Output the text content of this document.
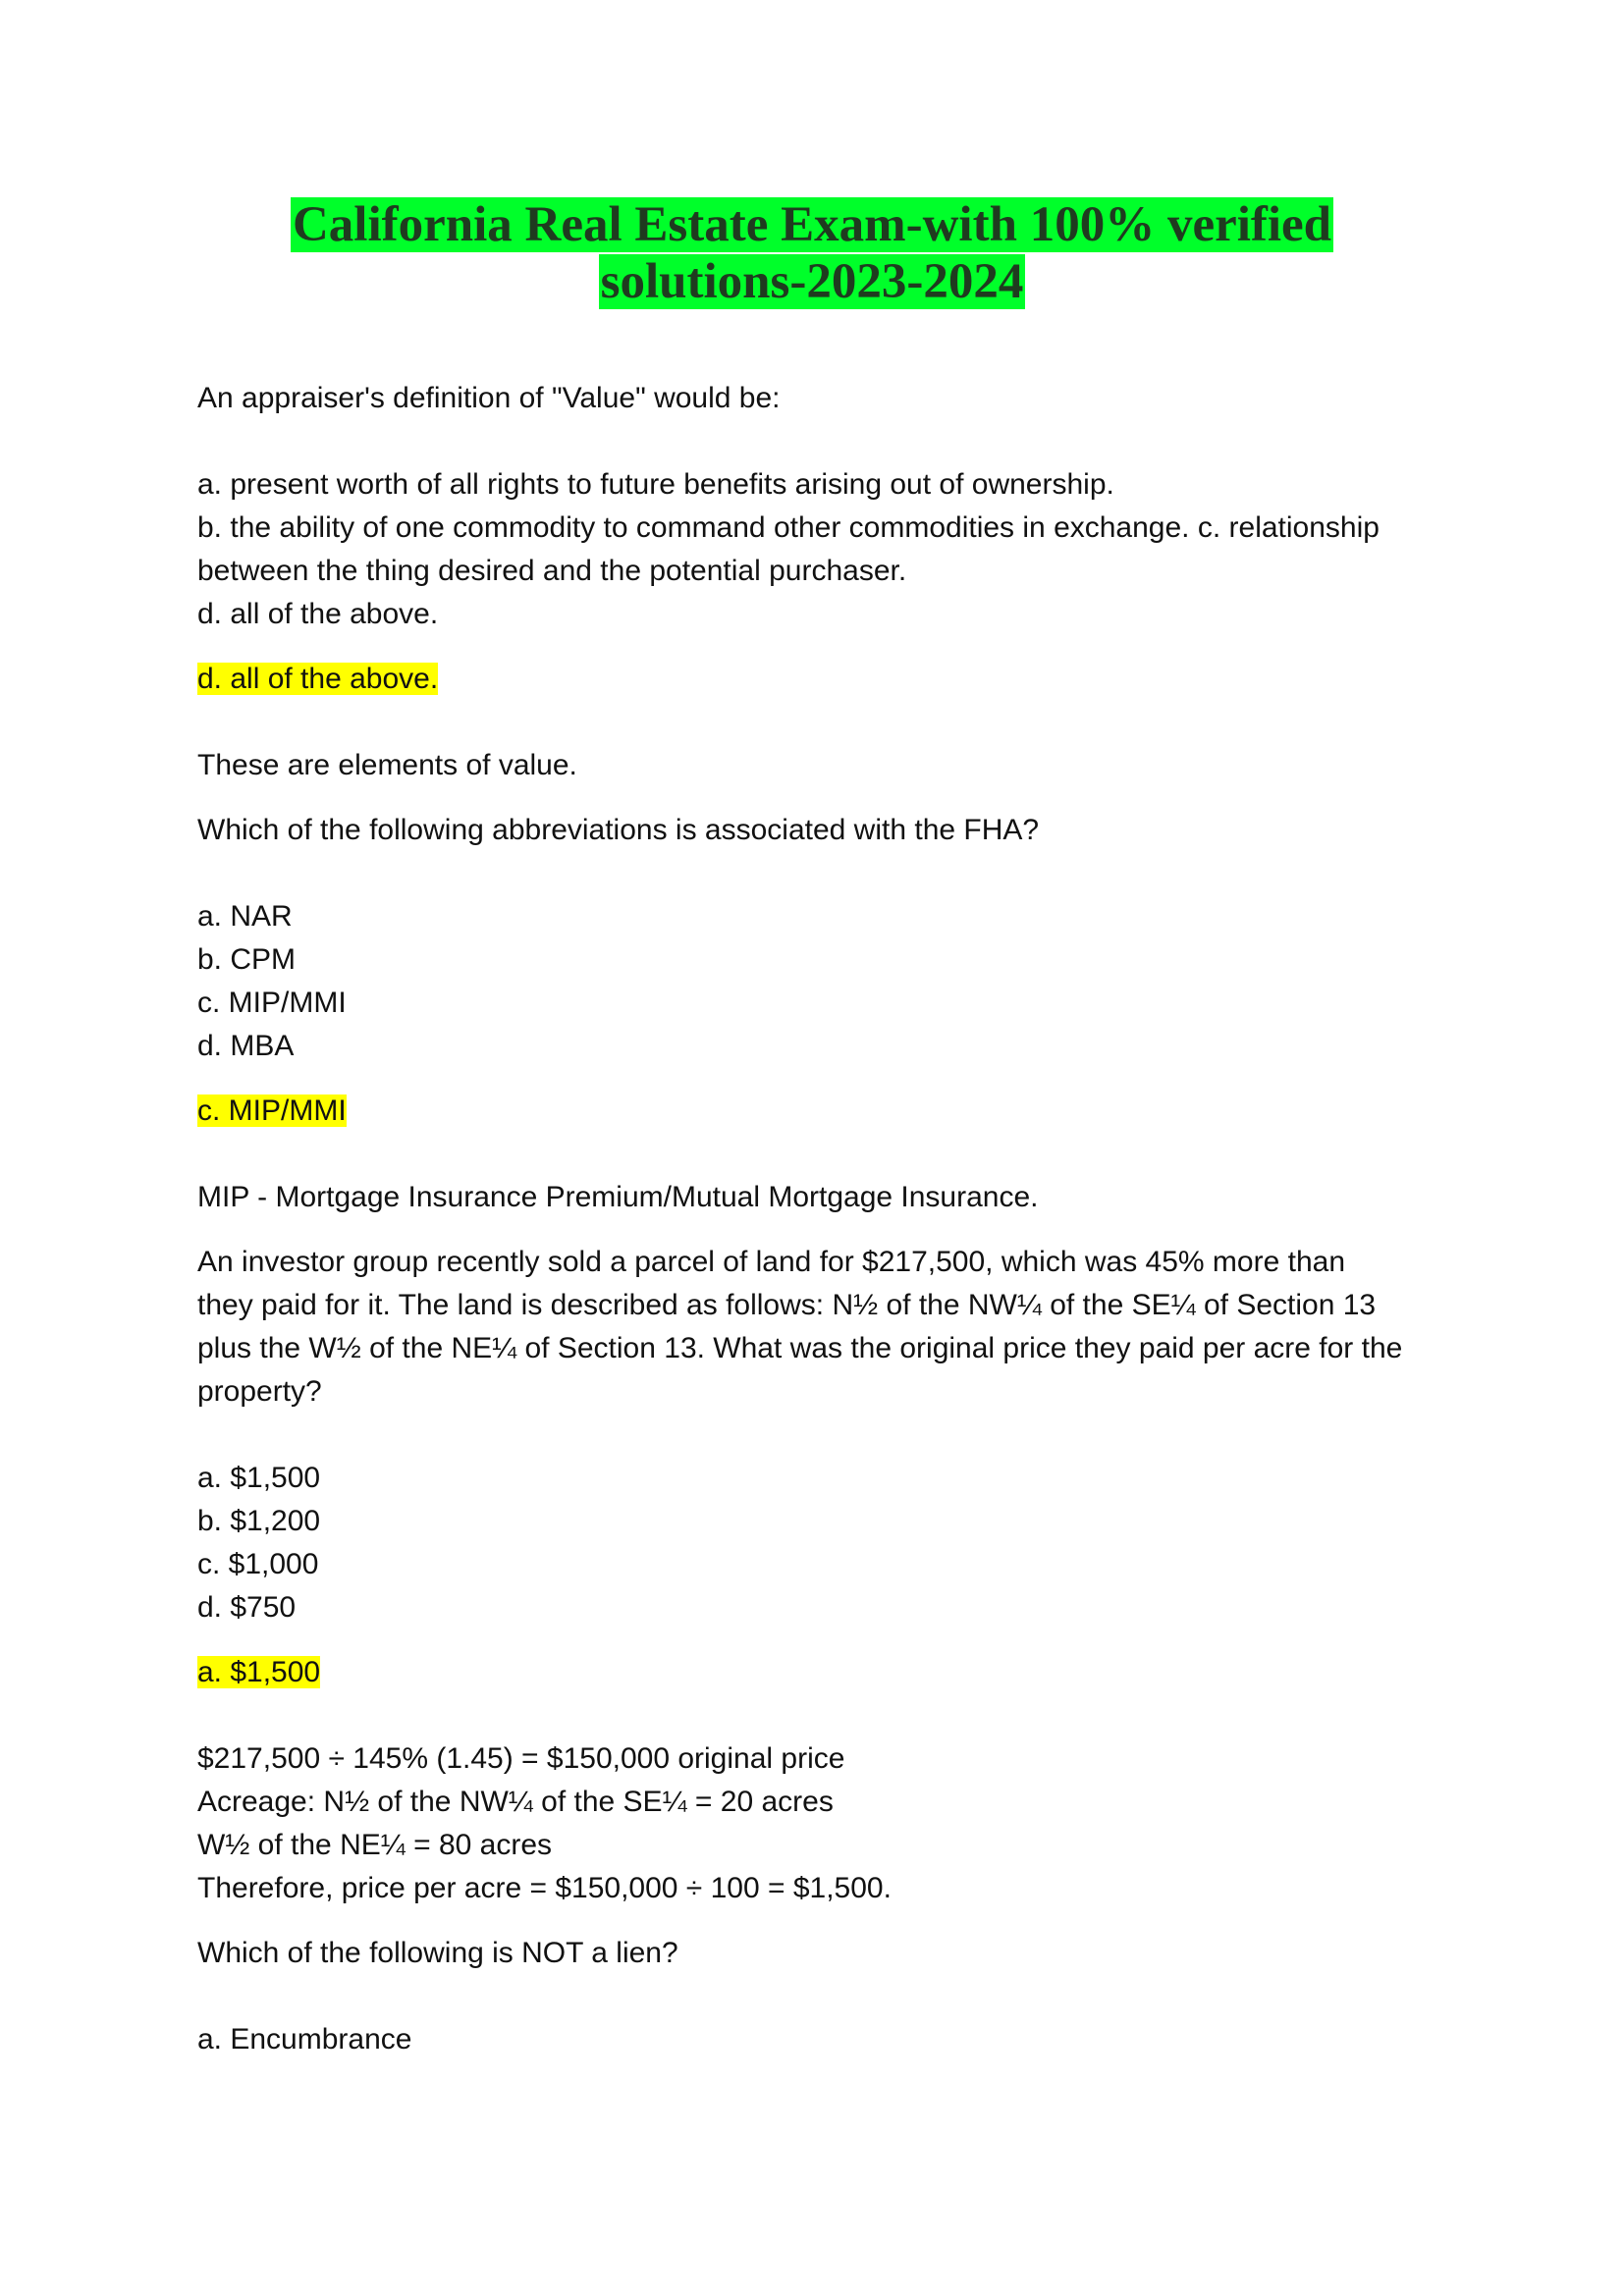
California Real Estate Exam-with 100% verified
solutions-2023-2024

An appraiser's definition of "Value" would be:

a. present worth of all rights to future benefits arising out of ownership.

b. the ability of one commodity to command other commodities in exchange. c. relationship

between the thing desired and the potential purchaser.

d. all of the above.

d. all of the above.

These are elements of value.

Which of the following abbreviations is associated with the FHA?

a. NAR

b. CPM

c. MIP/MMI

d. MBA

c. MIP/MMI

MIP - Mortgage Insurance Premium/Mutual Mortgage Insurance.

An investor group recently sold a parcel of land for $217,500, which was 45% more than

they paid for it. The land is described as follows: N½ of the NW¼ of the SE¼ of Section 13

plus the W½ of the NE¼ of Section 13. What was the original price they paid per acre for the

property?

a. $1,500

b. $1,200

c. $1,000

d. $750

a. $1,500

$217,500 ÷ 145% (1.45) = $150,000 original price

Acreage: N½ of the NW¼ of the SE¼ = 20 acres

W½ of the NE¼ = 80 acres

Therefore, price per acre = $150,000 ÷ 100 = $1,500.

Which of the following is NOT a lien?

a. Encumbrance
